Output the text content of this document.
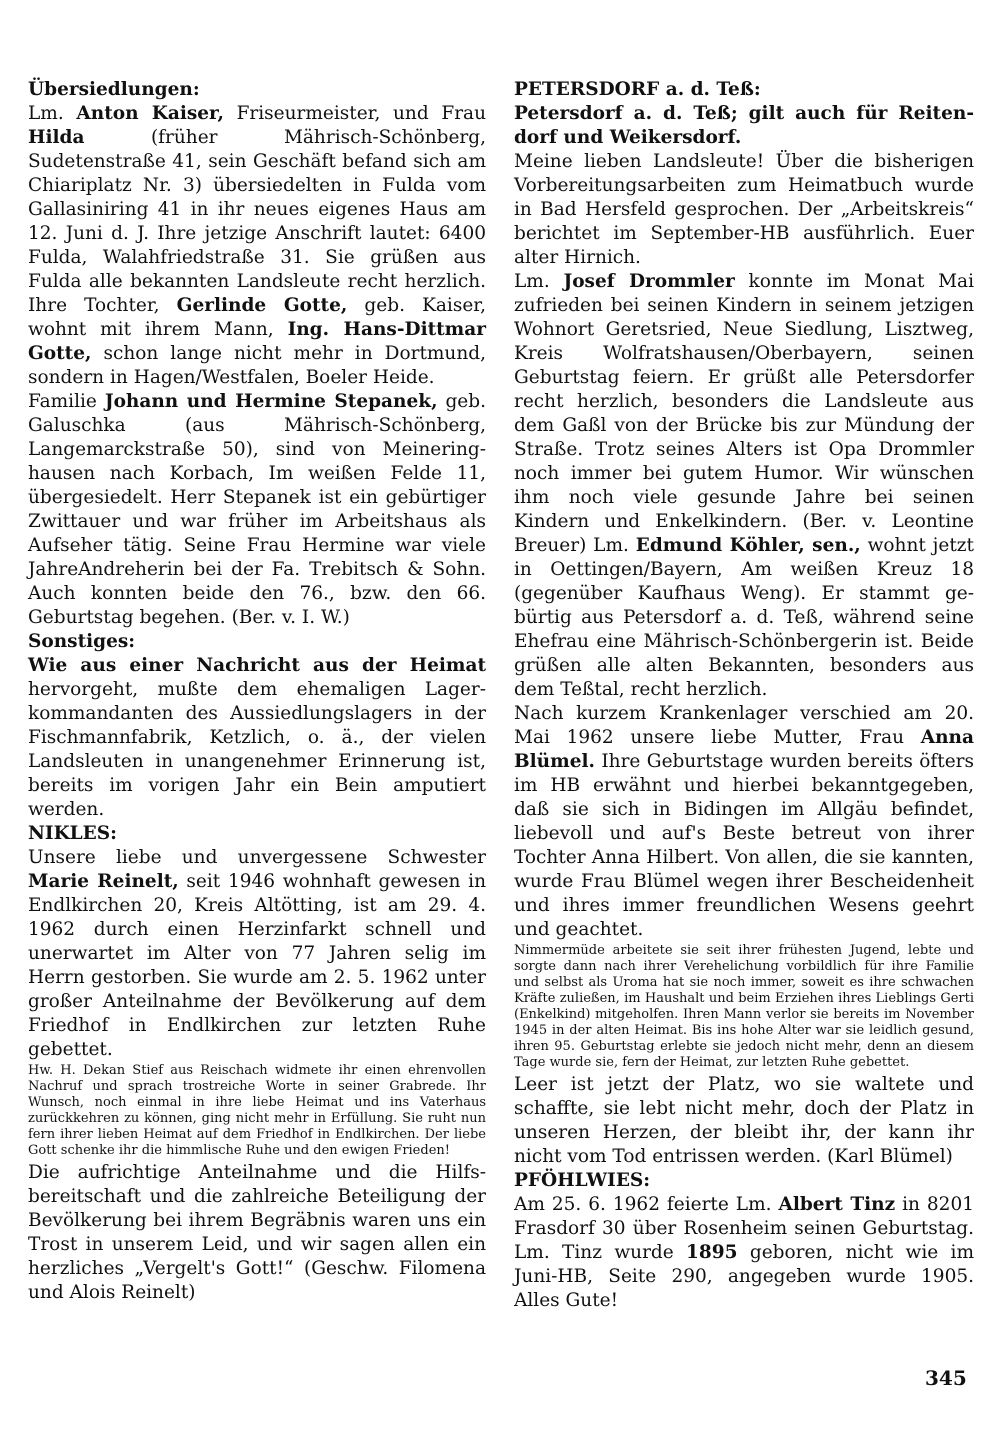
Übersiedlungen:

Lm. Anton Kaiser, Friseurmeister, und Frau Hilda (früher Mährisch-Schönberg, Sudetenstraße 41, sein Geschäft befand sich am Chiariplatz Nr. 3) übersiedelten in Fulda vom Gallasiniring 41 in ihr neues eigenes Haus am 12. Juni d. J. Ihre jetzige Anschrift lautet: 6400 Fulda, Walahfriedstraße 31. Sie grüßen aus Fulda alle bekannten Landsleute recht herzlich. Ihre Tochter, Gerlinde Gotte, geb. Kaiser, wohnt mit ihrem Mann, Ing. Hans-Dittmar Gotte, schon lange nicht mehr in Dortmund, sondern in Hagen/Westfalen, Boeler Heide.

Familie Johann und Hermine Stepanek, geb. Galuschka (aus Mährisch-Schönberg, Langemarckstraße 50), sind von Meineringhausen nach Korbach, Im weißen Felde 11, übergesiedelt. Herr Stepanek ist ein gebürtiger Zwittauer und war früher im Arbeitshaus als Aufseher tätig. Seine Frau Hermine war viele JahreAndreherin bei der Fa. Trebitsch & Sohn. Auch konnten beide den 76., bzw. den 66. Geburtstag begehen. (Ber. v. I. W.)

Sonstiges:

Wie aus einer Nachricht aus der Heimat hervorgeht, mußte dem ehemaligen Lagerkommandanten des Aussiedlungslagers in der Fischmannfabrik, Ketzlich, o. ä., der vielen Landsleuten in unangenehmer Erinnerung ist, bereits im vorigen Jahr ein Bein amputiert werden.

NIKLES:

Unsere liebe und unvergessene Schwester Marie Reinelt, seit 1946 wohnhaft gewesen in Endlkirchen 20, Kreis Altötting, ist am 29. 4. 1962 durch einen Herzinfarkt schnell und unerwartet im Alter von 77 Jahren selig im Herrn gestorben. Sie wurde am 2. 5. 1962 unter großer Anteilnahme der Bevölkerung auf dem Friedhof in Endlkirchen zur letzten Ruhe gebettet.

Hw. H. Dekan Stief aus Reischach widmete ihr einen ehrenvollen Nachruf und sprach trostreiche Worte in seiner Grabrede. Ihr Wunsch, noch einmal in ihre liebe Heimat und ins Vaterhaus zurückkehren zu können, ging nicht mehr in Erfüllung. Sie ruht nun fern ihrer lieben Heimat auf dem Friedhof in Endlkirchen. Der liebe Gott schenke ihr die himmlische Ruhe und den ewigen Frieden!

Die aufrichtige Anteilnahme und die Hilfsbereitschaft und die zahlreiche Beteiligung der Bevölkerung bei ihrem Begräbnis waren uns ein Trost in unserem Leid, und wir sagen allen ein herzliches „Vergelt's Gott!“ (Geschw. Filomena und Alois Reinelt)

PETERSDORF a. d. Teß:

Petersdorf a. d. Teß; gilt auch für Reitendorf und Weikersdorf.

Meine lieben Landsleute! Über die bisherigen Vorbereitungsarbeiten zum Heimatbuch wurde in Bad Hersfeld gesprochen. Der „Arbeitskreis“ berichtet im September-HB ausführlich. Euer alter Hirnich.

Lm. Josef Drommler konnte im Monat Mai zufrieden bei seinen Kindern in seinem jetzigen Wohnort Geretsried, Neue Siedlung, Lisztweg, Kreis Wolfratshausen/Oberbayern, seinen Geburtstag feiern. Er grüßt alle Petersdorfer recht herzlich, besonders die Landsleute aus dem Gaßl von der Brücke bis zur Mündung der Straße. Trotz seines Alters ist Opa Drommler noch immer bei gutem Humor. Wir wünschen ihm noch viele gesunde Jahre bei seinen Kindern und Enkelkindern. (Ber. v. Leontine Breuer) Lm. Edmund Köhler, sen., wohnt jetzt in Oettingen/Bayern, Am weißen Kreuz 18 (gegenüber Kaufhaus Weng). Er stammt gebürtig aus Petersdorf a. d. Teß, während seine Ehefrau eine Mährisch-Schönbergerin ist. Beide grüßen alle alten Bekannten, besonders aus dem Teßtal, recht herzlich.

Nach kurzem Krankenlager verschied am 20. Mai 1962 unsere liebe Mutter, Frau Anna Blümel. Ihre Geburtstage wurden bereits öfters im HB erwähnt und hierbei bekanntgegeben, daß sie sich in Bidingen im Allgäu befindet, liebevoll und auf's Beste betreut von ihrer Tochter Anna Hilbert. Von allen, die sie kannten, wurde Frau Blümel wegen ihrer Bescheidenheit und ihres immer freundlichen Wesens geehrt und geachtet.

Nimmermüde arbeitete sie seit ihrer frühesten Jugend, lebte und sorgte dann nach ihrer Verehelichung vorbildlich für ihre Familie und selbst als Uroma hat sie noch immer, soweit es ihre schwachen Kräfte zuließen, im Haushalt und beim Erziehen ihres Lieblings Gerti (Enkelkind) mitgeholfen. Ihren Mann verlor sie bereits im November 1945 in der alten Heimat. Bis ins hohe Alter war sie leidlich gesund, ihren 95. Geburtstag erlebte sie jedoch nicht mehr, denn an diesem Tage wurde sie, fern der Heimat, zur letzten Ruhe gebettet.

Leer ist jetzt der Platz, wo sie waltete und schaffte, sie lebt nicht mehr, doch der Platz in unseren Herzen, der bleibt ihr, der kann ihr nicht vom Tod entrissen werden. (Karl Blümel)

PFÖHLWIES:

Am 25. 6. 1962 feierte Lm. Albert Tinz in 8201 Frasdorf 30 über Rosenheim seinen Geburtstag. Lm. Tinz wurde 1895 geboren, nicht wie im Juni-HB, Seite 290, angegeben wurde 1905. Alles Gute!

345
